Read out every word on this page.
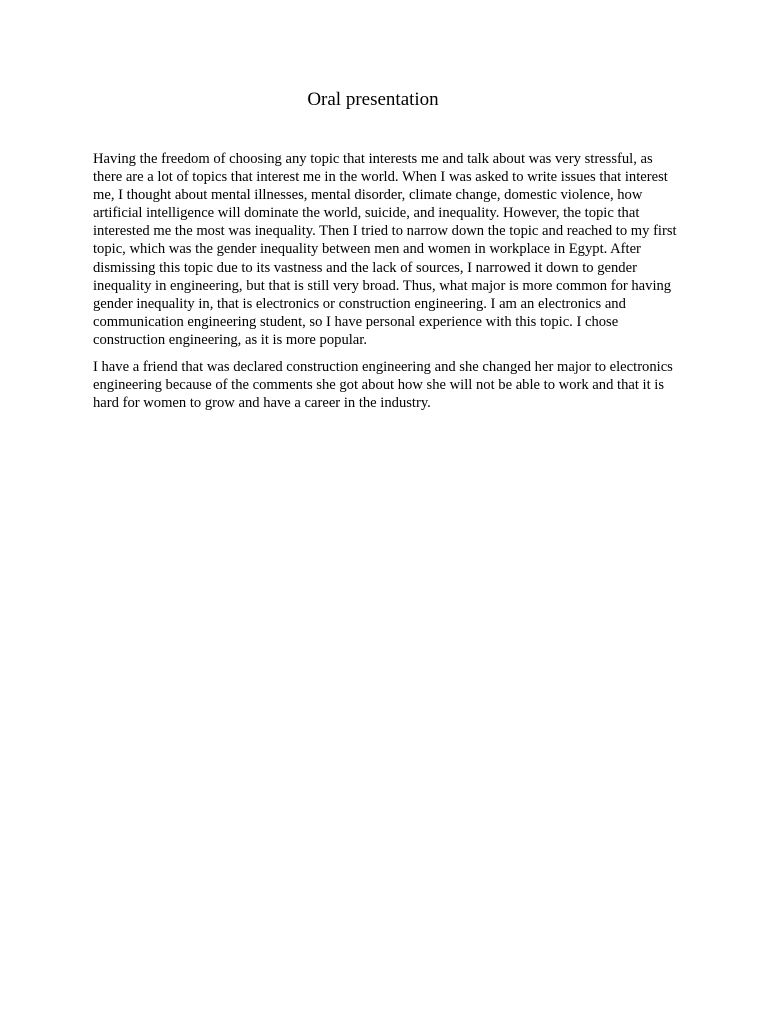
Oral presentation

Having the freedom of choosing any topic that interests me and talk about was very stressful, as there are a lot of topics that interest me in the world. When I was asked to write issues that interest me, I thought about mental illnesses, mental disorder, climate change, domestic violence, how artificial intelligence will dominate the world, suicide, and inequality. However, the topic that interested me the most was inequality. Then I tried to narrow down the topic and reached to my first topic, which was the gender inequality between men and women in workplace in Egypt. After dismissing this topic due to its vastness and the lack of sources, I narrowed it down to gender inequality in engineering, but that is still very broad. Thus, what major is more common for having gender inequality in, that is electronics or construction engineering. I am an electronics and communication engineering student, so I have personal experience with this topic. I chose construction engineering, as it is more popular.

I have a friend that was declared construction engineering and she changed her major to electronics engineering because of the comments she got about how she will not be able to work and that it is hard for women to grow and have a career in the industry.
